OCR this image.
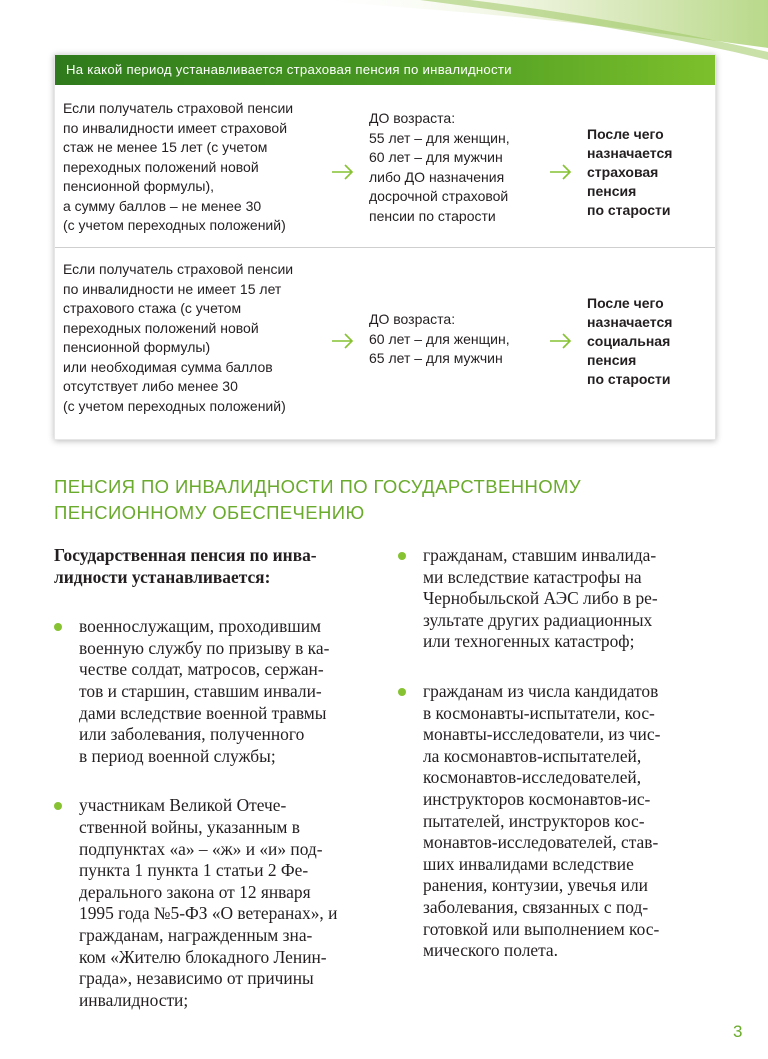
На какой период устанавливается страховая пенсия по инвалидности
Если получатель страховой пенсии
по инвалидности имеет страховой
стаж не менее 15 лет (с учетом
переходных положений новой
пенсионной формулы),
а сумму баллов – не менее 30
(с учетом переходных положений)
ДО возраста:
55 лет – для женщин,
60 лет – для мужчин
либо ДО назначения
досрочной страховой
пенсии по старости
После чего
назначается
страховая
пенсия
по старости
Если получатель страховой пенсии
по инвалидности не имеет 15 лет
страхового стажа (с учетом
переходных положений новой
пенсионной формулы)
или необходимая сумма баллов
отсутствует либо менее 30
(с учетом переходных положений)
ДО возраста:
60 лет – для женщин,
65 лет – для мужчин
После чего
назначается
социальная
пенсия
по старости
ПЕНСИЯ ПО ИНВАЛИДНОСТИ ПО ГОСУДАРСТВЕННОМУ
ПЕНСИОННОМУ ОБЕСПЕЧЕНИЮ
Государственная пенсия по инва-
лидности устанавливается:
военнослужащим, проходившим
военную службу по призыву в ка-
честве солдат, матросов, сержан-
тов и старшин, ставшим инвали-
дами вследствие военной травмы
или заболевания, полученного
в период военной службы;
участникам Великой Отече-
ственной войны, указанным в
подпунктах «а» – «ж» и «и» под-
пункта 1 пункта 1 статьи 2 Фе-
дерального закона от 12 января
1995 года №5-ФЗ «О ветеранах», и
гражданам, награжденным зна-
ком «Жителю блокадного Ленин-
града», независимо от причины
инвалидности;
гражданам, ставшим инвалида-
ми вследствие катастрофы на
Чернобыльской АЭС либо в ре-
зультате других радиационных
или техногенных катастроф;
гражданам из числа кандидатов
в космонавты-испытатели, кос-
монавты-исследователи, из чис-
ла космонавтов-испытателей,
космонавтов-исследователей,
инструкторов космонавтов-ис-
пытателей, инструкторов кос-
монавтов-исследователей, став-
ших инвалидами вследствие
ранения, контузии, увечья или
заболевания, связанных с под-
готовкой или выполнением кос-
мического полета.
3
